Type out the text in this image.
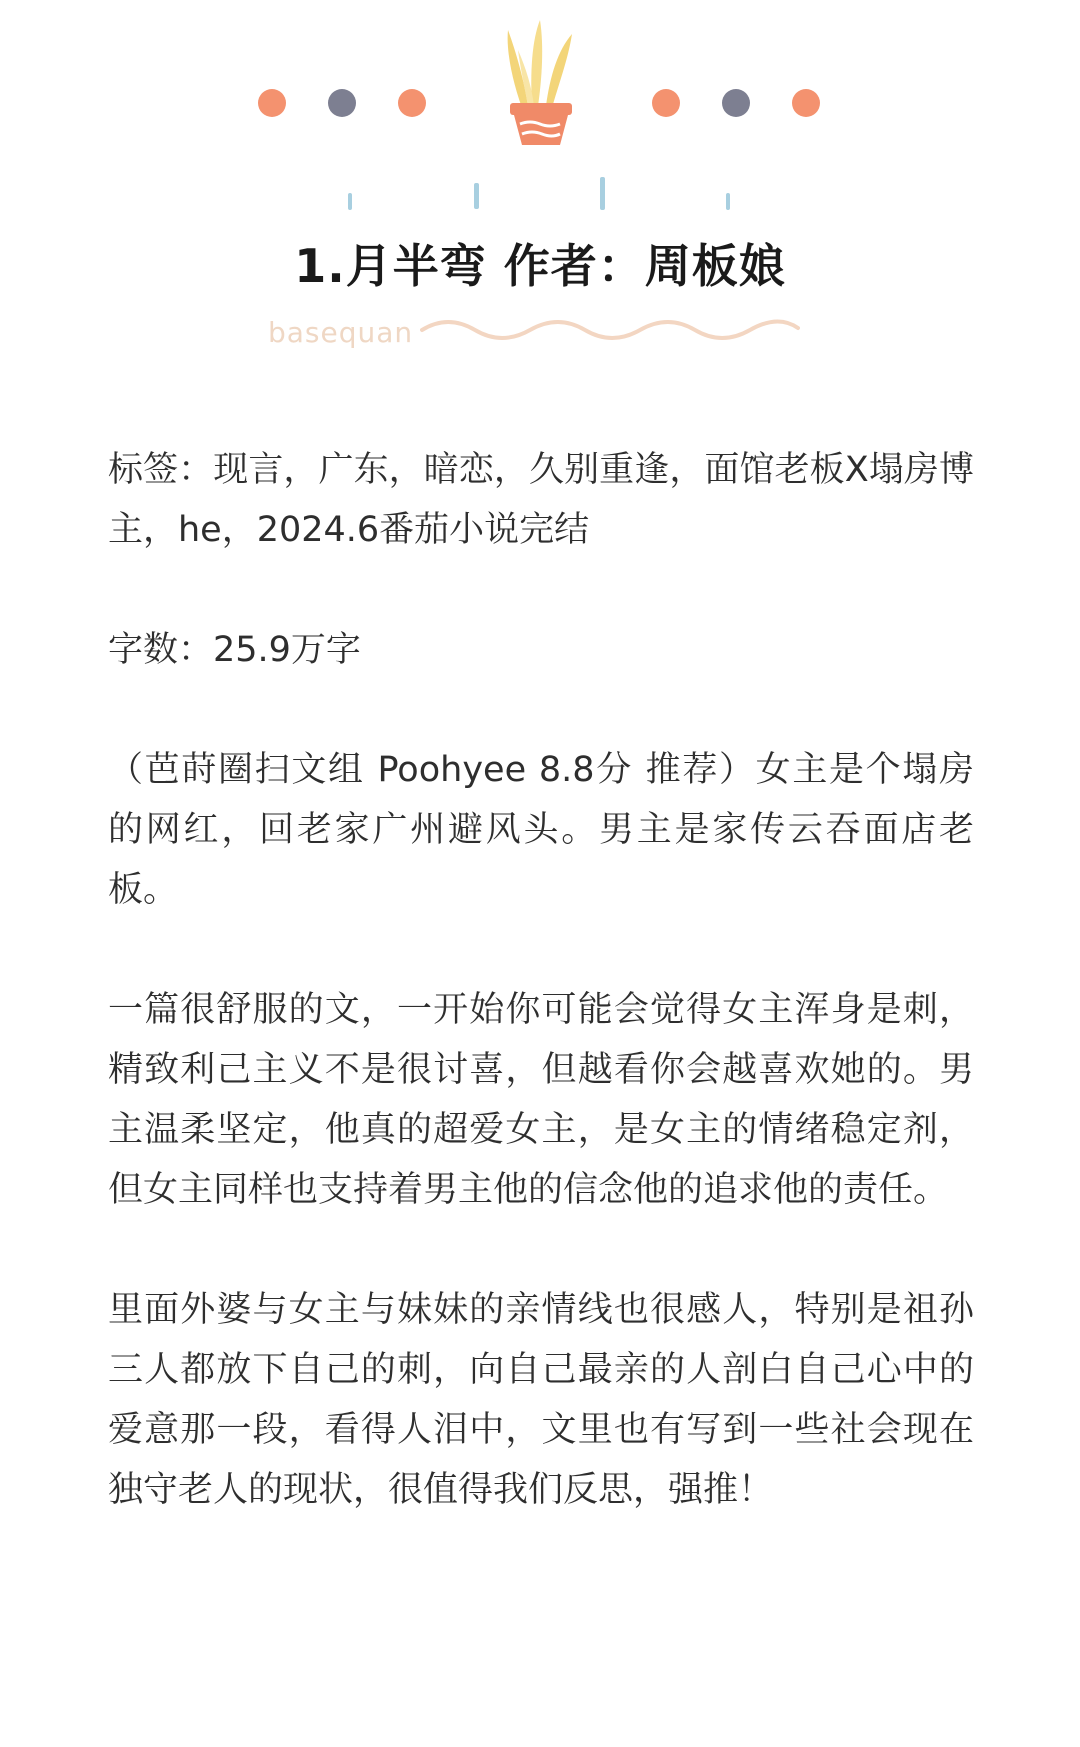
1.月半弯 作者：周板娘
basequan

标签：现言，广东，暗恋，久别重逢，面馆老板X塌房博主，he，2024.6番茄小说完结

字数：25.9万字

（芭莳圈扫文组 Poohyee 8.8分 推荐）女主是个塌房的网红，回老家广州避风头。男主是家传云吞面店老板。

一篇很舒服的文，一开始你可能会觉得女主浑身是刺，精致利己主义不是很讨喜，但越看你会越喜欢她的。男主温柔坚定，他真的超爱女主，是女主的情绪稳定剂，但女主同样也支持着男主他的信念他的追求他的责任。

里面外婆与女主与妹妹的亲情线也很感人，特别是祖孙三人都放下自己的刺，向自己最亲的人剖白自己心中的爱意那一段，看得人泪中，文里也有写到一些社会现在独守老人的现状，很值得我们反思，强推！
